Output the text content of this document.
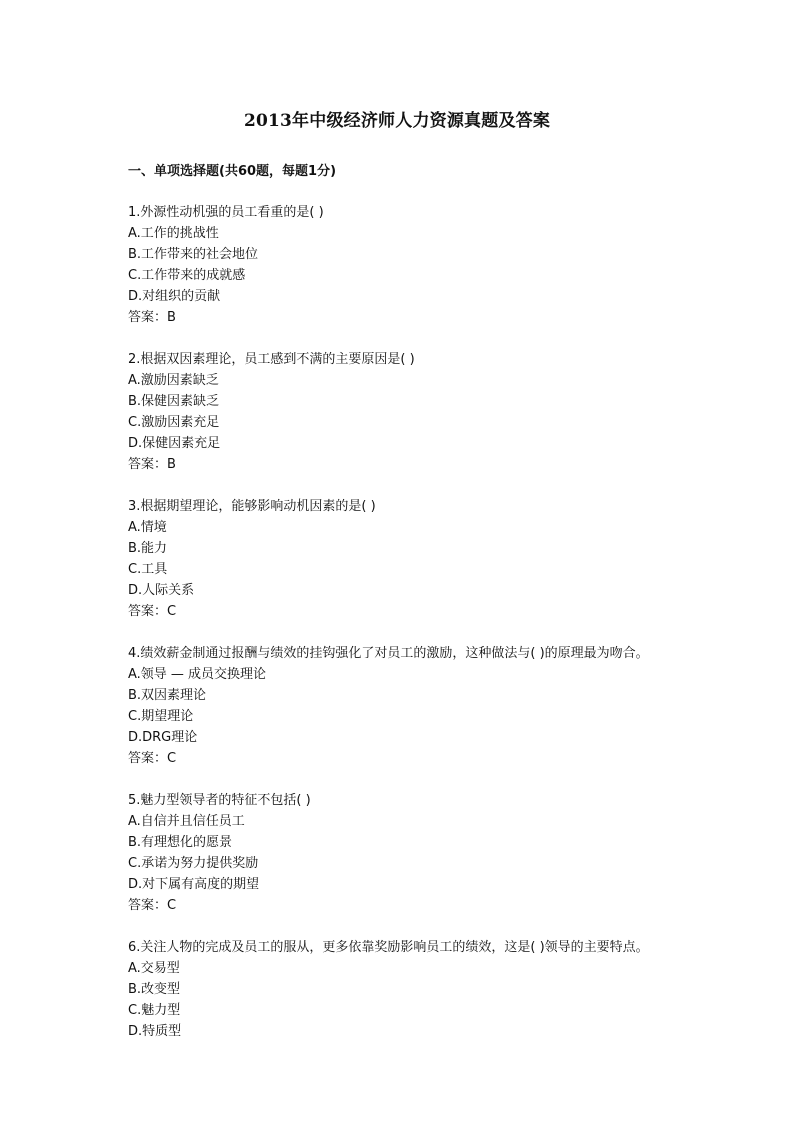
2013年中级经济师人力资源真题及答案
一、单项选择题(共60题，每题1分)
1.外源性动机强的员工看重的是( )
A.工作的挑战性
B.工作带来的社会地位
C.工作带来的成就感
D.对组织的贡献
答案：B
2.根据双因素理论，员工感到不满的主要原因是( )
A.激励因素缺乏
B.保健因素缺乏
C.激励因素充足
D.保健因素充足
答案：B
3.根据期望理论，能够影响动机因素的是( )
A.情境
B.能力
C.工具
D.人际关系
答案：C
4.绩效薪金制通过报酬与绩效的挂钩强化了对员工的激励，这种做法与( )的原理最为吻合。
A.领导 — 成员交换理论
B.双因素理论
C.期望理论
D.DRG理论
答案：C
5.魅力型领导者的特征不包括( )
A.自信并且信任员工
B.有理想化的愿景
C.承诺为努力提供奖励
D.对下属有高度的期望
答案：C
6.关注人物的完成及员工的服从，更多依靠奖励影响员工的绩效，这是( )领导的主要特点。
A.交易型
B.改变型
C.魅力型
D.特质型
